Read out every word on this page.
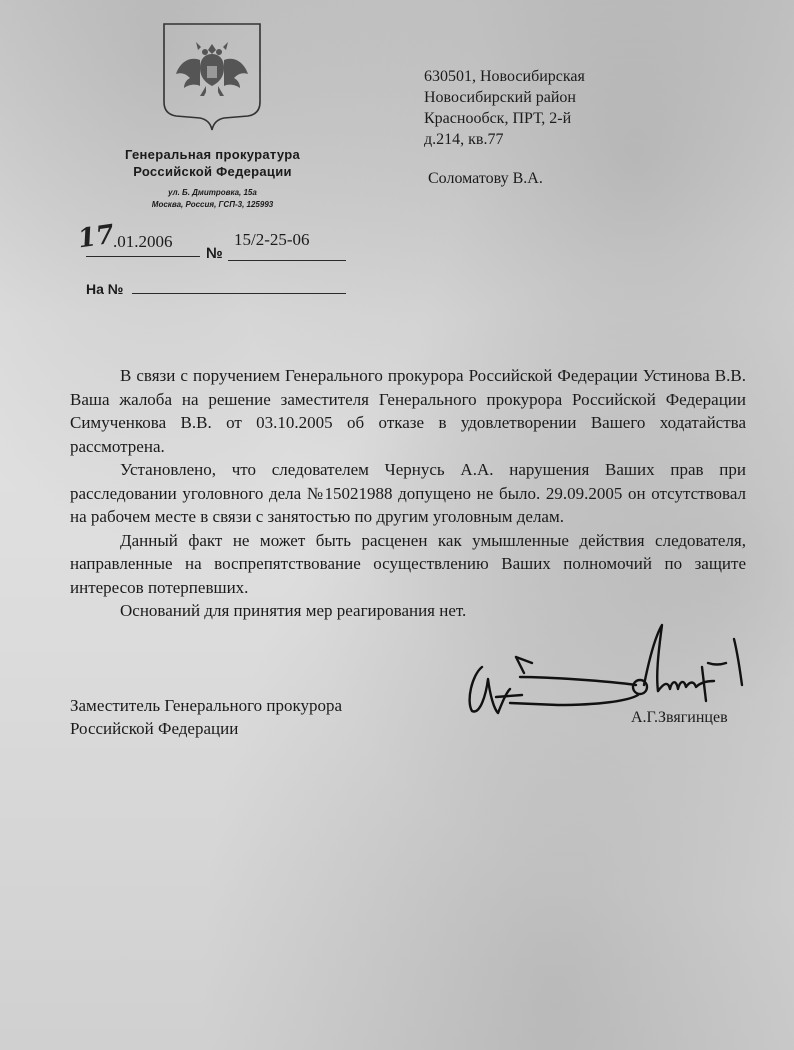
Генеральная прокуратура
Российской Федерации
ул. Б. Дмитровка, 15а
Москва, Россия, ГСП-3, 125993
17
.01.2006
№
15/2-25-06
На №
630501, Новосибирская
Новосибирский район
Краснообск, ПРТ, 2-й
д.214, кв.77
Соломатову В.А.

В связи с поручением Генерального прокурора Российской Федерации Устинова В.В. Ваша жалоба на решение заместителя Генерального прокурора Российской Федерации Симученкова В.В. от 03.10.2005 об отказе в удовлетворении Вашего ходатайства рассмотрена.

Установлено, что следователем Чернусь А.А. нарушения Ваших прав при расследовании уголовного дела №15021988 допущено не было. 29.09.2005 он отсутствовал на рабочем месте в связи с занятостью по другим уголовным делам.

Данный факт не может быть расценен как умышленные действия следователя, направленные на воспрепятствование осуществлению Ваших полномочий по защите интересов потерпевших.

Оснований для принятия мер реагирования нет.

Заместитель Генерального прокурора
Российской Федерации
А.Г.Звягинцев
